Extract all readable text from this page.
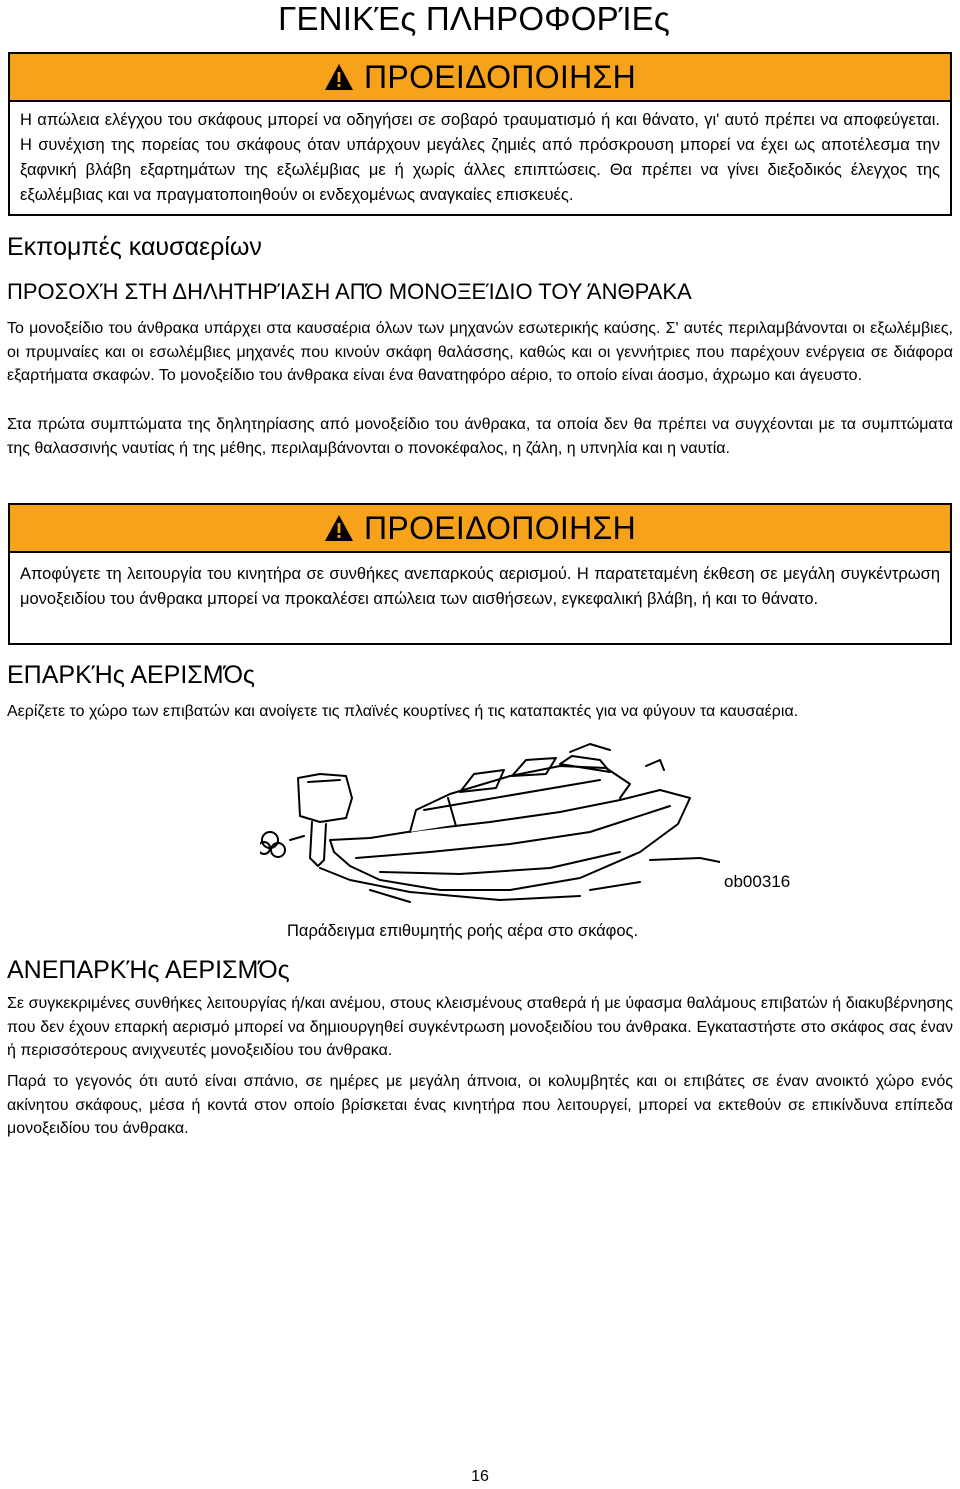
ΓΕΝΙΚΈς ΠΛΗΡΟΦΟΡΊΕς
ΠΡΟΕΙΔΟΠΟΙΗΣΗ
Η απώλεια ελέγχου του σκάφους μπορεί να οδηγήσει σε σοβαρό τραυματισμό ή και θάνατο, γι' αυτό πρέπει να αποφεύγεται. Η συνέχιση της πορείας του σκάφους όταν υπάρχουν μεγάλες ζημιές από πρόσκρουση μπορεί να έχει ως αποτέλεσμα την ξαφνική βλάβη εξαρτημάτων της εξωλέμβιας με ή χωρίς άλλες επιπτώσεις. Θα πρέπει να γίνει διεξοδικός έλεγχος της εξωλέμβιας και να πραγματοποιηθούν οι ενδεχομένως αναγκαίες επισκευές.
Εκπομπές καυσαερίων
ΠΡΟΣΟΧΉ ΣΤΗ ΔΗΛΗΤΗΡΊΑΣΗ ΑΠΌ ΜΟΝΟΞΕΊΔΙΟ ΤΟΥ ΆΝΘΡΑΚΑ

Το μονοξείδιο του άνθρακα υπάρχει στα καυσαέρια όλων των μηχανών εσωτερικής καύσης. Σ' αυτές περιλαμβάνονται οι εξωλέμβιες, οι πρυμναίες και οι εσωλέμβιες μηχανές που κινούν σκάφη θαλάσσης, καθώς και οι γεννήτριες που παρέχουν ενέργεια σε διάφορα εξαρτήματα σκαφών. Το μονοξείδιο του άνθρακα είναι ένα θανατηφόρο αέριο, το οποίο είναι άοσμο, άχρωμο και άγευστο.

Στα πρώτα συμπτώματα της δηλητηρίασης από μονοξείδιο του άνθρακα, τα οποία δεν θα πρέπει να συγχέονται με τα συμπτώματα της θαλασσινής ναυτίας ή της μέθης, περιλαμβάνονται ο πονοκέφαλος, η ζάλη, η υπνηλία και η ναυτία.

ΠΡΟΕΙΔΟΠΟΙΗΣΗ
Αποφύγετε τη λειτουργία του κινητήρα σε συνθήκες ανεπαρκούς αερισμού. Η παρατεταμένη έκθεση σε μεγάλη συγκέντρωση μονοξειδίου του άνθρακα μπορεί να προκαλέσει απώλεια των αισθήσεων, εγκεφαλική βλάβη, ή και το θάνατο.
ΕΠΑΡΚΉς ΑΕΡΙΣΜΌς

Αερίζετε το χώρο των επιβατών και ανοίγετε τις πλαϊνές κουρτίνες ή τις καταπακτές για να φύγουν τα καυσαέρια.

ob00316
Παράδειγμα επιθυμητής ροής αέρα στο σκάφος.
ΑΝΕΠΑΡΚΉς ΑΕΡΙΣΜΌς

Σε συγκεκριμένες συνθήκες λειτουργίας ή/και ανέμου, στους κλεισμένους σταθερά ή με ύφασμα θαλάμους επιβατών ή διακυβέρνησης που δεν έχουν επαρκή αερισμό μπορεί να δημιουργηθεί συγκέντρωση μονοξειδίου του άνθρακα. Εγκαταστήστε στο σκάφος σας έναν ή περισσότερους ανιχνευτές μονοξειδίου του άνθρακα.

Παρά το γεγονός ότι αυτό είναι σπάνιο, σε ημέρες με μεγάλη άπνοια, οι κολυμβητές και οι επιβάτες σε έναν ανοικτό χώρο ενός ακίνητου σκάφους, μέσα ή κοντά στον οποίο βρίσκεται ένας κινητήρα που λειτουργεί, μπορεί να εκτεθούν σε επικίνδυνα επίπεδα μονοξειδίου του άνθρακα.

16
